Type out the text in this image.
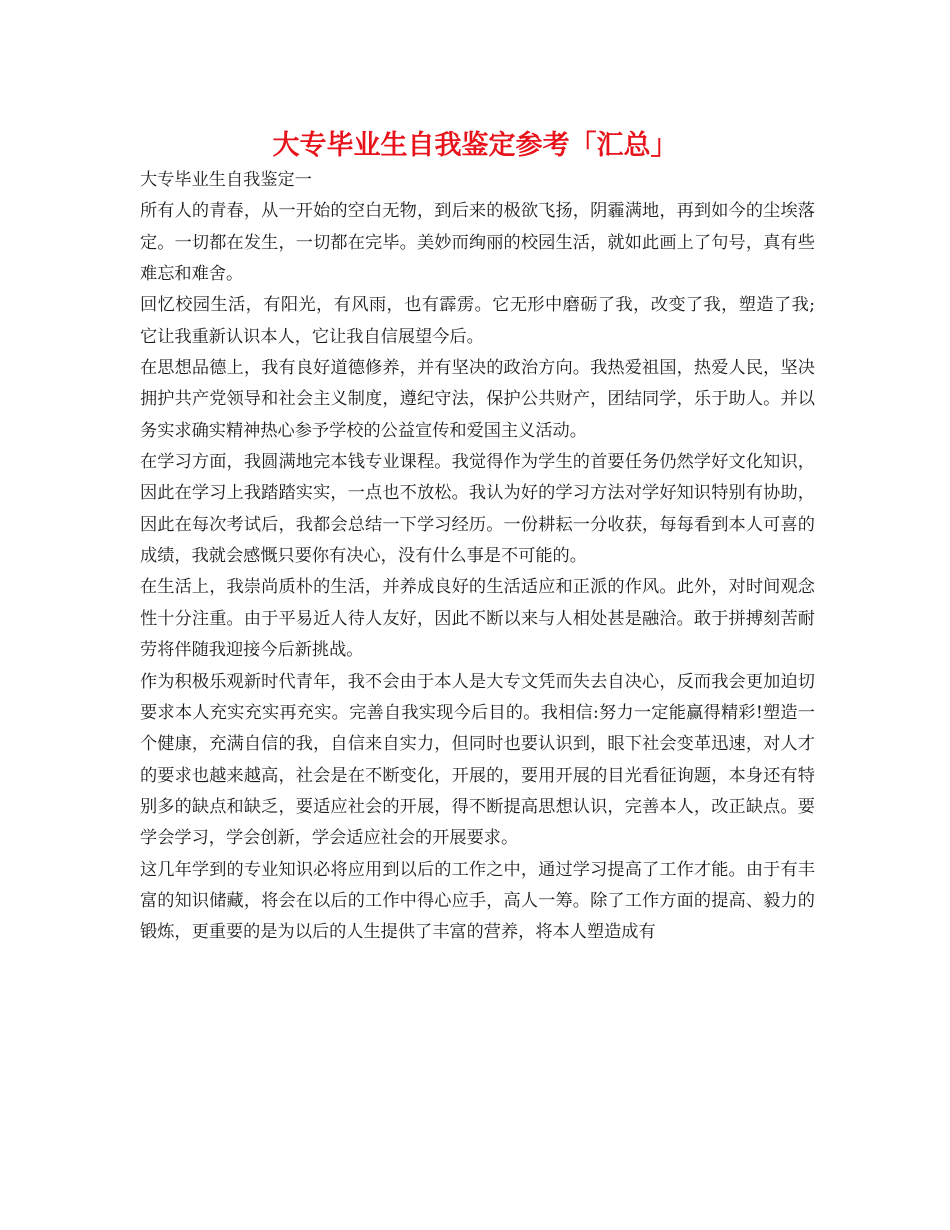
大专毕业生自我鉴定参考「汇总」

大专毕业生自我鉴定一

所有人的青春，从一开始的空白无物，到后来的极欲飞扬，阴霾满地，再到如今的尘埃落定。一切都在发生，一切都在完毕。美妙而绚丽的校园生活，就如此画上了句号，真有些难忘和难舍。

回忆校园生活，有阳光，有风雨，也有霹雳。它无形中磨砺了我，改变了我，塑造了我;它让我重新认识本人，它让我自信展望今后。

在思想品德上，我有良好道德修养，并有坚决的政治方向。我热爱祖国，热爱人民，坚决拥护共产党领导和社会主义制度，遵纪守法，保护公共财产，团结同学，乐于助人。并以务实求确实精神热心参予学校的公益宣传和爱国主义活动。

在学习方面，我圆满地完本钱专业课程。我觉得作为学生的首要任务仍然学好文化知识，因此在学习上我踏踏实实，一点也不放松。我认为好的学习方法对学好知识特别有协助，因此在每次考试后，我都会总结一下学习经历。一份耕耘一分收获，每每看到本人可喜的成绩，我就会感慨只要你有决心，没有什么事是不可能的。

在生活上，我崇尚质朴的生活，并养成良好的生活适应和正派的作风。此外，对时间观念性十分注重。由于平易近人待人友好，因此不断以来与人相处甚是融洽。敢于拼搏刻苦耐劳将伴随我迎接今后新挑战。

作为积极乐观新时代青年，我不会由于本人是大专文凭而失去自决心，反而我会更加迫切要求本人充实充实再充实。完善自我实现今后目的。我相信:努力一定能赢得精彩!塑造一个健康，充满自信的我，自信来自实力，但同时也要认识到，眼下社会变革迅速，对人才的要求也越来越高，社会是在不断变化，开展的，要用开展的目光看征询题，本身还有特别多的缺点和缺乏，要适应社会的开展，得不断提高思想认识，完善本人，改正缺点。要学会学习，学会创新，学会适应社会的开展要求。

这几年学到的专业知识必将应用到以后的工作之中，通过学习提高了工作才能。由于有丰富的知识储藏，将会在以后的工作中得心应手，高人一筹。除了工作方面的提高、毅力的锻炼，更重要的是为以后的人生提供了丰富的营养，将本人塑造成有
